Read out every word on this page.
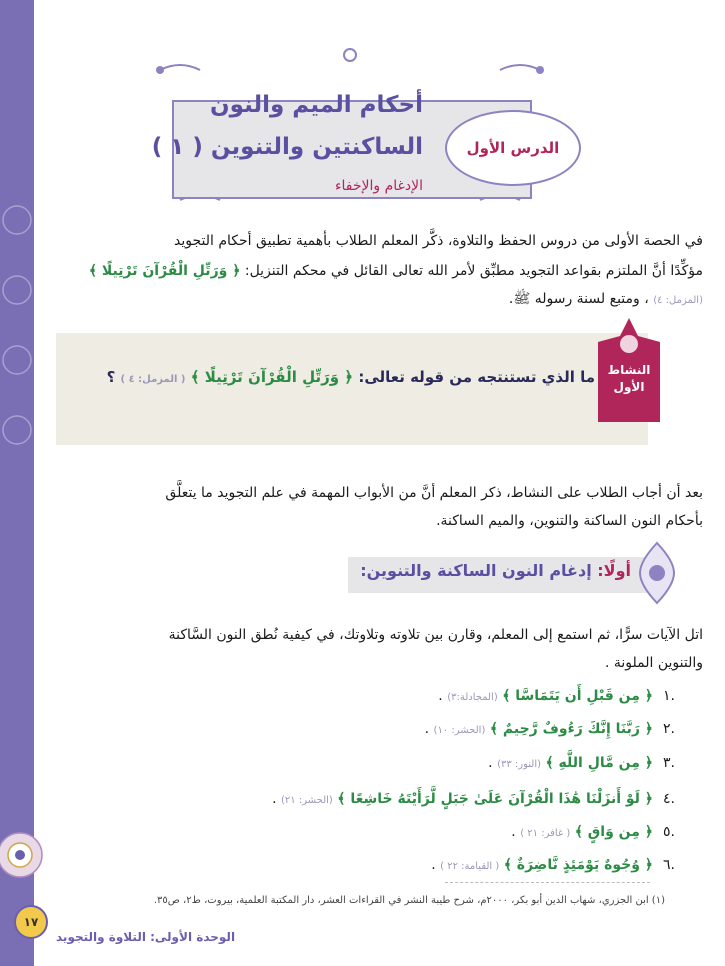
١٧
الوحدة الأولى: التلاوة والتجويد
أحكام الميم والنون
الساكنتين والتنوين ( ١ )
الإدغام والإخفاء
الدرس الأول
في الحصة الأولى من دروس الحفظ والتلاوة، ذكَّر المعلم الطلاب بأهمية تطبيق أحكام التجويد
مؤكِّدًا أنَّ الملتزم بقواعد التجويد مطبِّق لأمر الله تعالى القائل في محكم التنزيل: ﴿ وَرَتِّلِ الْقُرْآنَ تَرْتِيلًا ﴾
(المزمل: ٤) ، ومتبع لسنة رسوله ﷺ.
النشاط
الأول
ما الذي تستنتجه من قوله تعالى: ﴿ وَرَتِّلِ الْقُرْآنَ تَرْتِيلًا ﴾ ( المزمل: ٤ ) ؟
بعد أن أجاب الطلاب على النشاط، ذكر المعلم أنَّ من الأبواب المهمة في علم التجويد ما يتعلَّق
بأحكام النون الساكنة والتنوين، والميم الساكنة.
أولًا: إدغام النون الساكنة والتنوين:
اتل الآيات سرًّا، ثم استمع إلى المعلم، وقارن بين تلاوته وتلاوتك، في كيفية نُطق النون السَّاكنة
والتنوين الملونة .
١.
﴿ مِن قَبْلِ أَن يَتَمَاسَّا ﴾ (المجادلة:٣) .
٢.
﴿ رَبَّنَا إِنَّكَ رَءُوفٌ رَّحِيمٌ ﴾ (الحشر: ١٠) .
٣.
﴿ مِن مَّالِ اللَّهِ ﴾ (النور: ٣٣) .
٤.
﴿ لَوْ أَنزَلْنَا هَٰذَا الْقُرْآنَ عَلَىٰ جَبَلٍ لَّرَأَيْتَهُ خَاشِعًا ﴾ (الحشر: ٢١) .
٥.
﴿ مِن وَاقٍ ﴾ ( غافر: ٢١ ) .
٦.
﴿ وُجُوهٌ يَوْمَئِذٍ نَّاضِرَةٌ ﴾ ( القيامة: ٢٢ ) .
(١) ابن الجزري، شهاب الدين أبو بكر، ٢٠٠٠م، شرح طيبة النشر في القراءات العشر، دار المكتبة العلمية، بيروت، ط٢، ص٣٥.
